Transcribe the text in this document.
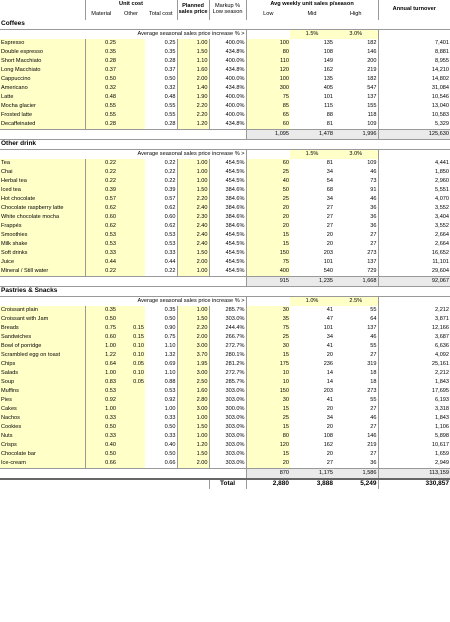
	Unit cost			Planned sales price	Markup % Low season	Avg weekly unit sales p/season			Annual turnover
	Material	Other	Total cost			Low	Mid	High	
Coffees									
	Average seasonal sales price increase % >						1.5%	3.0%	
Espresso	0.25		0.25	1.00	400.0%	100	135	182	7,401
Double espresso	0.35		0.35	1.50	434.8%	80	108	146	8,881
Short Macchiato	0.28		0.28	1.10	400.0%	110	149	200	8,955
Long Macchiato	0.37		0.37	1.60	434.8%	120	162	219	14,210
Cappuccino	0.50		0.50	2.00	400.0%	100	135	182	14,802
Americano	0.32		0.32	1.40	434.8%	300	405	547	31,084
Latte	0.48		0.48	1.90	400.0%	75	101	137	10,546
Mocha glacier	0.55		0.55	2.20	400.0%	85	115	155	13,040
Frosted latte	0.55		0.55	2.20	400.0%	65	88	118	10,583
Decaffeinated	0.28		0.28	1.20	434.8%	60	81	109	5,329
						1,095	1,478	1,996	125,630
Other drink									
	Average seasonal sales price increase % >						1.5%	3.0%	
Tea	0.22		0.22	1.00	454.5%	60	81	109	4,441
Chai	0.22		0.22	1.00	454.5%	25	34	46	1,850
Herbal tea	0.22		0.22	1.00	454.5%	40	54	73	2,960
Iced tea	0.39		0.39	1.50	384.6%	50	68	91	5,551
Hot chocolate	0.57		0.57	2.20	384.6%	25	34	46	4,070
Chocolate raspberry latte	0.62		0.62	2.40	384.6%	20	27	36	3,552
White chocolate mocha	0.60		0.60	2.30	384.6%	20	27	36	3,404
Frappés	0.62		0.62	2.40	384.6%	20	27	36	3,552
Smoothies	0.53		0.53	2.40	454.5%	15	20	27	2,664
Milk shake	0.53		0.53	2.40	454.5%	15	20	27	2,664
Soft drinks	0.33		0.33	1.50	454.5%	150	203	273	16,652
Juice	0.44		0.44	2.00	454.5%	75	101	137	11,101
Mineral / Still water	0.22		0.22	1.00	454.5%	400	540	729	29,604
						915	1,235	1,668	92,067
Pastries & Snacks									
	Average seasonal sales price increase % >						1.0%	2.5%	
Croissant plain	0.35		0.35	1.00	285.7%	30	41	55	2,212
Croissant with Jam	0.50		0.50	1.50	303.0%	35	47	64	3,871
Breads	0.75	0.15	0.90	2.20	244.4%	75	101	137	12,166
Sandwiches	0.60	0.15	0.75	2.00	266.7%	25	34	46	3,687
Bowl of porridge	1.00	0.10	1.10	3.00	272.7%	30	41	55	6,636
Scrambled egg on toast	1.22	0.10	1.32	3.70	280.1%	15	20	27	4,092
Chips	0.64	0.05	0.69	1.95	281.2%	175	236	319	25,161
Salads	1.00	0.10	1.10	3.00	272.7%	10	14	18	2,212
Soup	0.83	0.05	0.88	2.50	285.7%	10	14	18	1,843
Muffins	0.53		0.53	1.60	303.0%	150	203	273	17,695
Pies	0.92		0.92	2.80	303.0%	30	41	55	6,193
Cakes	1.00		1.00	3.00	300.0%	15	20	27	3,318
Nachos	0.33		0.33	1.00	303.0%	25	34	46	1,843
Cookies	0.50		0.50	1.50	303.0%	15	20	27	1,106
Nuts	0.33		0.33	1.00	303.0%	80	108	146	5,898
Crisps	0.40		0.40	1.20	303.0%	120	162	219	10,617
Chocolate bar	0.50		0.50	1.50	303.0%	15	20	27	1,659
Ice-cream	0.66		0.66	2.00	303.0%	20	27	36	2,949
						870	1,175	1,586	113,159
					Total	2,880	3,888	5,249	330,857
